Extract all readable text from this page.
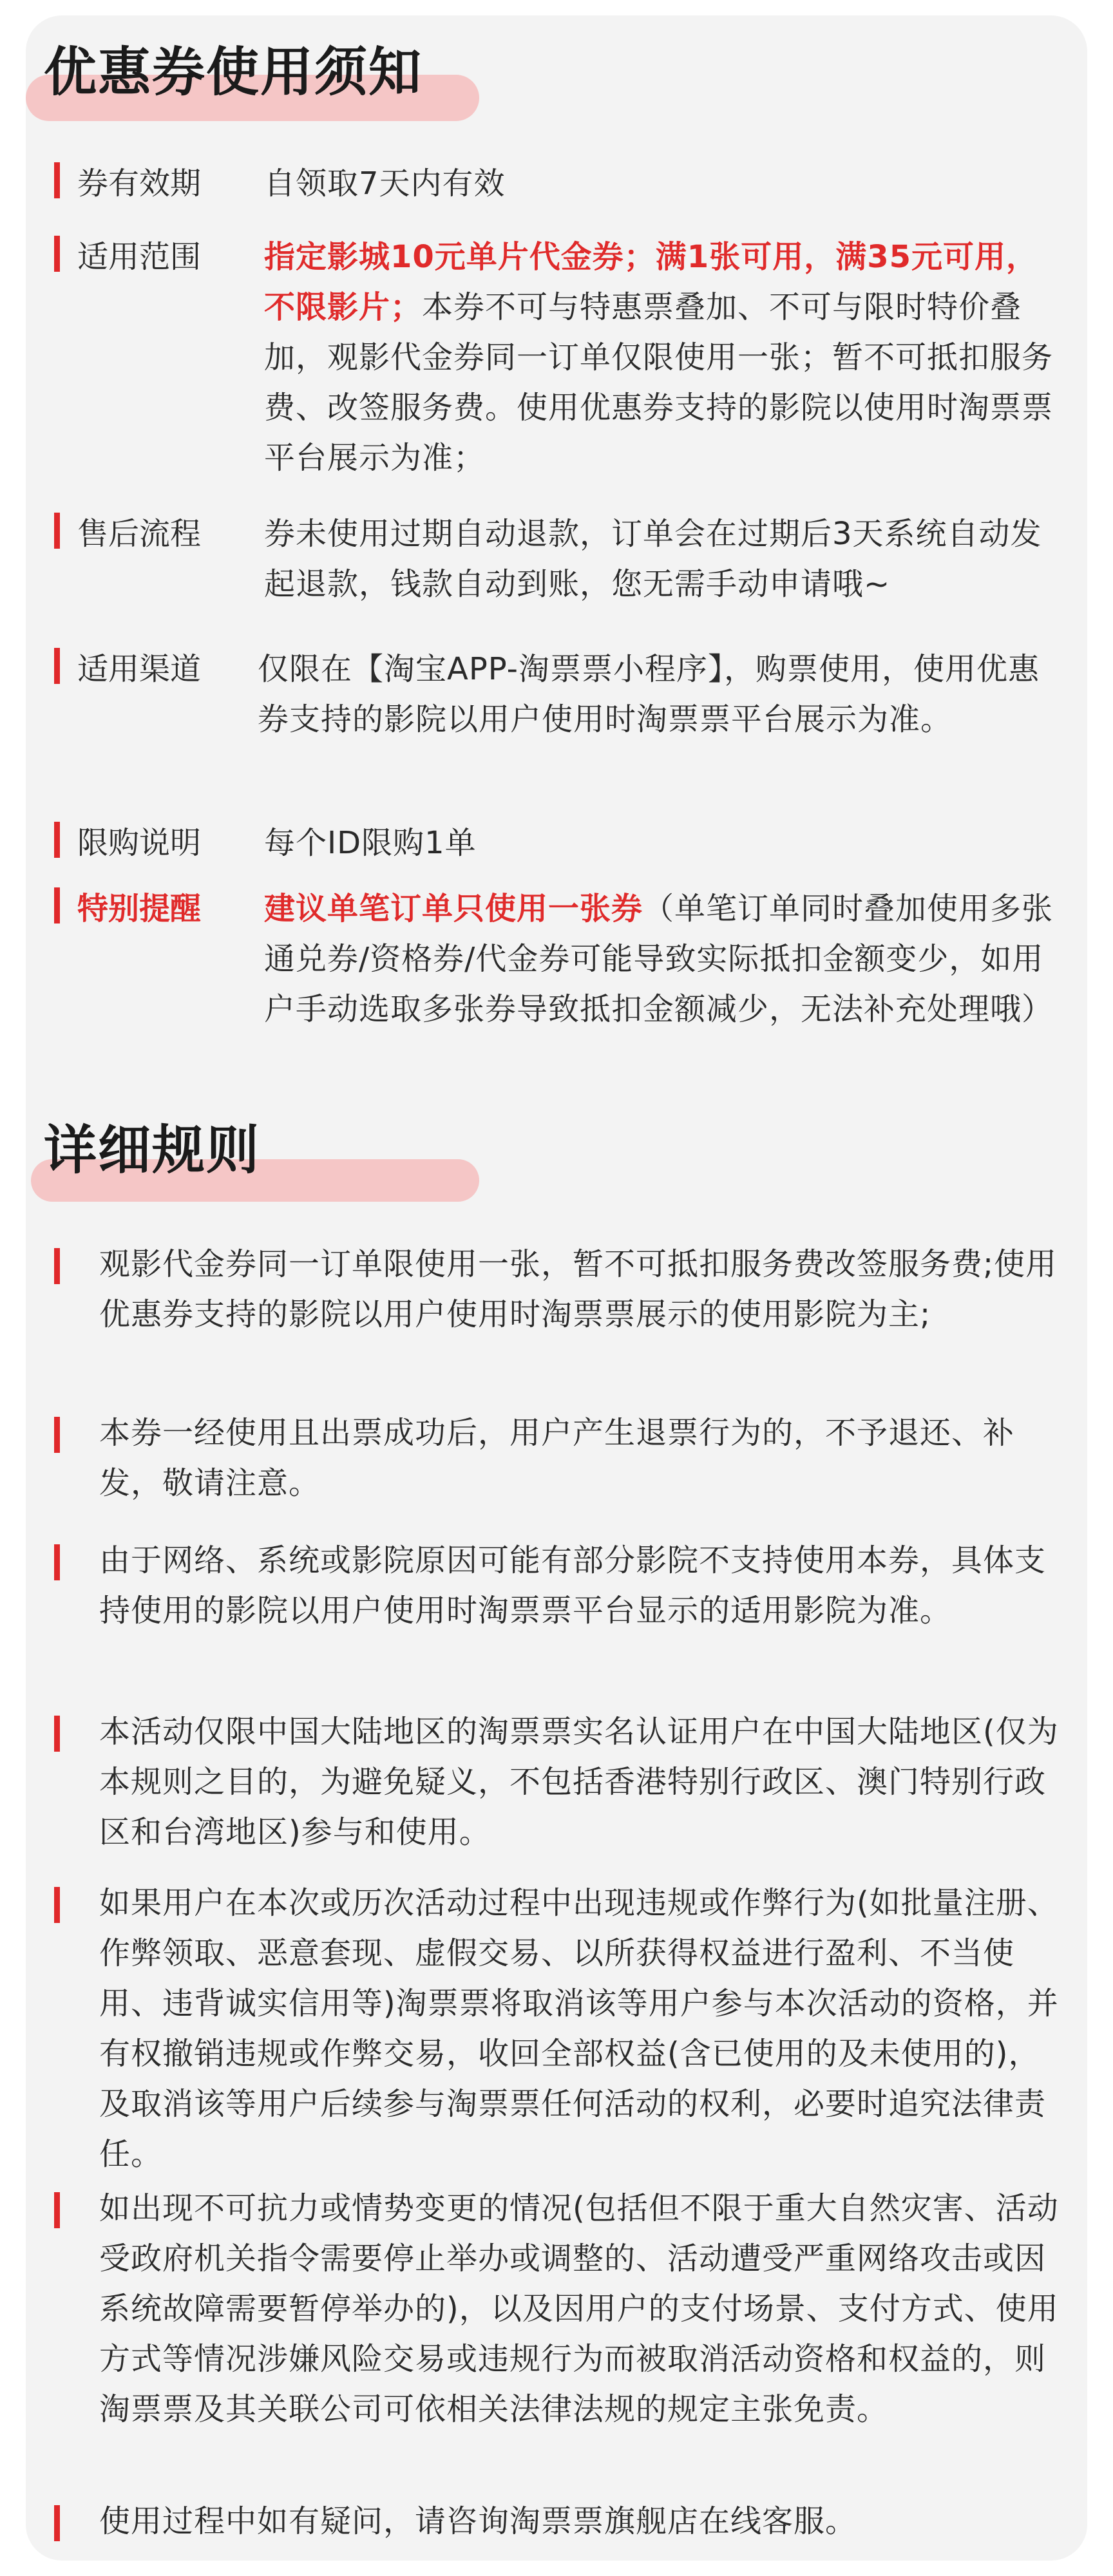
优惠券使用须知
券有效期 自领取7天内有效
适用范围 指定影城10元单片代金券；满1张可用，满35元可用，不限影片；本券不可与特惠票叠加、不可与限时特价叠加，观影代金券同一订单仅限使用一张；暂不可抵扣服务费、改签服务费。使用优惠券支持的影院以使用时淘票票平台展示为准；
售后流程 券未使用过期自动退款，订单会在过期后3天系统自动发起退款，钱款自动到账，您无需手动申请哦~
适用渠道 仅限在【淘宝APP-淘票票小程序】，购票使用，使用优惠券支持的影院以用户使用时淘票票平台展示为准。
限购说明 每个ID限购1单
特别提醒 建议单笔订单只使用一张券（单笔订单同时叠加使用多张通兑券/资格券/代金券可能导致实际抵扣金额变少，如用户手动选取多张券导致抵扣金额减少，无法补充处理哦）
详细规则
观影代金券同一订单限使用一张，暂不可抵扣服务费改签服务费;使用优惠券支持的影院以用户使用时淘票票展示的使用影院为主;
本券一经使用且出票成功后，用户产生退票行为的，不予退还、补发，敬请注意。
由于网络、系统或影院原因可能有部分影院不支持使用本券，具体支持使用的影院以用户使用时淘票票平台显示的适用影院为准。
本活动仅限中国大陆地区的淘票票实名认证用户在中国大陆地区(仅为本规则之目的，为避免疑义，不包括香港特别行政区、澳门特别行政区和台湾地区)参与和使用。
如果用户在本次或历次活动过程中出现违规或作弊行为(如批量注册、作弊领取、恶意套现、虚假交易、以所获得权益进行盈利、不当使用、违背诚实信用等)淘票票将取消该等用户参与本次活动的资格，并有权撤销违规或作弊交易，收回全部权益(含已使用的及未使用的)，及取消该等用户后续参与淘票票任何活动的权利，必要时追究法律责任。
如出现不可抗力或情势变更的情况(包括但不限于重大自然灾害、活动受政府机关指令需要停止举办或调整的、活动遭受严重网络攻击或因系统故障需要暂停举办的)，以及因用户的支付场景、支付方式、使用方式等情况涉嫌风险交易或违规行为而被取消活动资格和权益的，则淘票票及其关联公司可依相关法律法规的规定主张免责。
使用过程中如有疑问，请咨询淘票票旗舰店在线客服。
